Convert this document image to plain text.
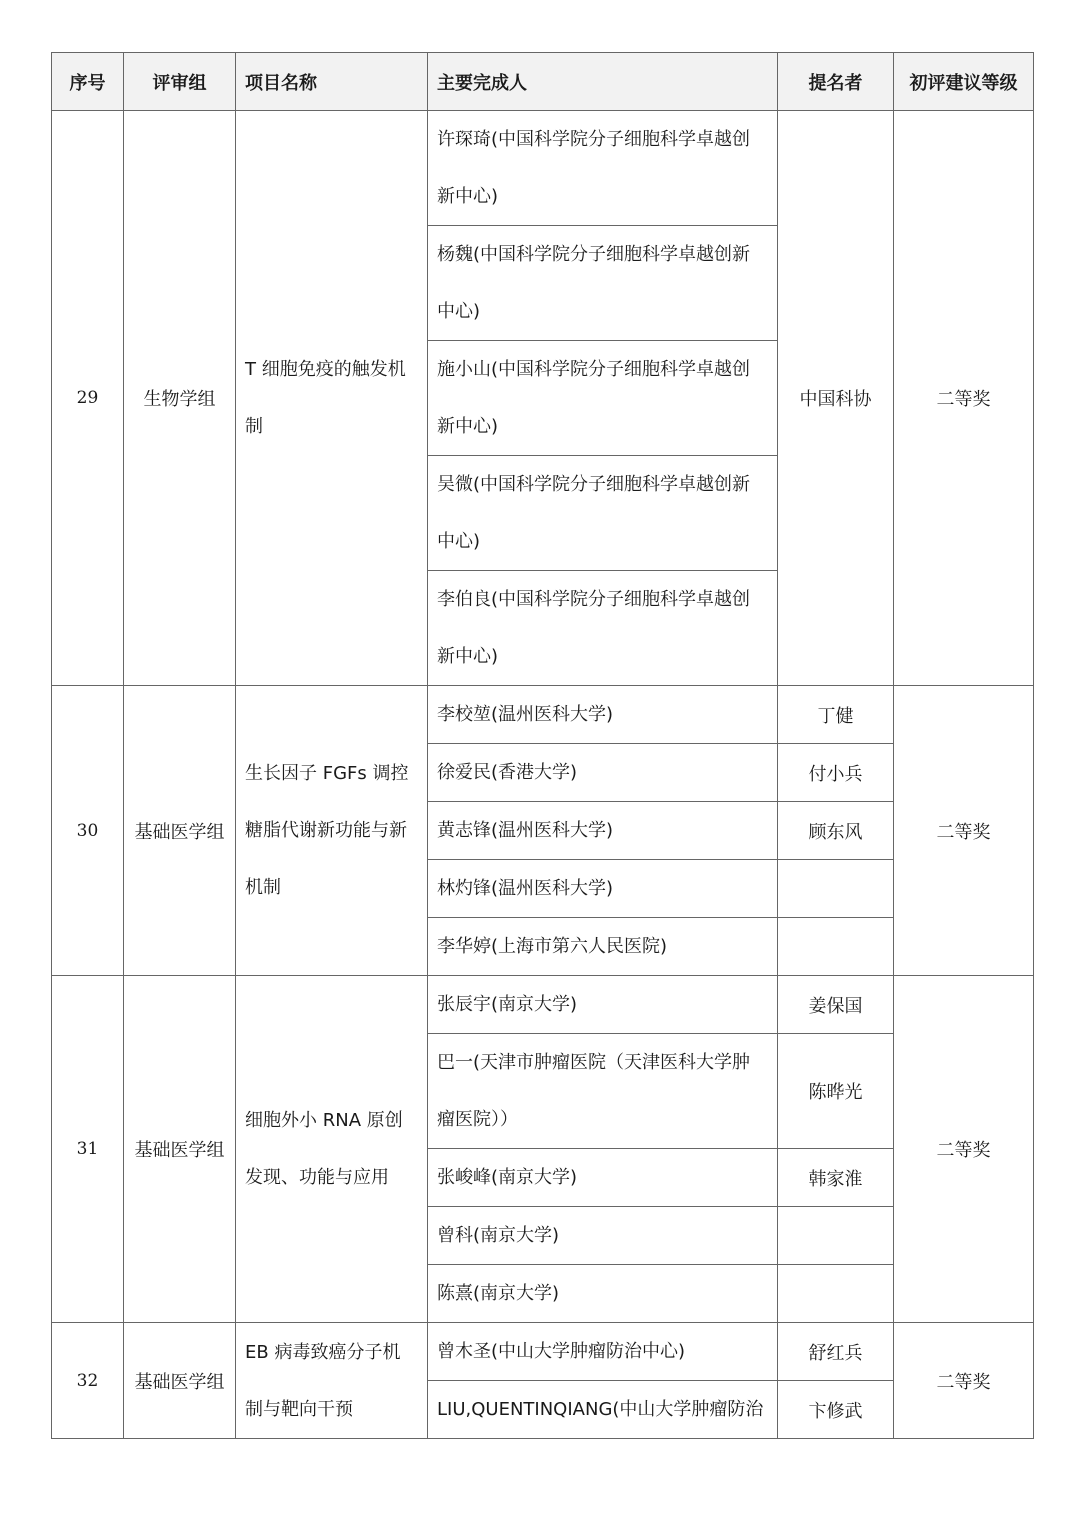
序号	评审组	项目名称	主要完成人	提名者	初评建议等级
29	生物学组	T 细胞免疫的触发机制	许琛琦(中国科学院分子细胞科学卓越创新中心)	中国科协	二等奖
			杨魏(中国科学院分子细胞科学卓越创新中心)		
			施小山(中国科学院分子细胞科学卓越创新中心)		
			吴微(中国科学院分子细胞科学卓越创新中心)		
			李伯良(中国科学院分子细胞科学卓越创新中心)		
30	基础医学组	生长因子 FGFs 调控糖脂代谢新功能与新机制	李校堃(温州医科大学)	丁健	二等奖
			徐爱民(香港大学)	付小兵	
			黄志锋(温州医科大学)	顾东风	
			林灼锋(温州医科大学)		
			李华婷(上海市第六人民医院)		
31	基础医学组	细胞外小 RNA 原创发现、功能与应用	张辰宇(南京大学)	姜保国	二等奖
			巴一(天津市肿瘤医院（天津医科大学肿瘤医院））	陈晔光	
			张峻峰(南京大学)	韩家淮	
			曾科(南京大学)		
			陈熹(南京大学)		
32	基础医学组	EB 病毒致癌分子机制与靶向干预	曾木圣(中山大学肿瘤防治中心)	舒红兵	二等奖
			LIU,QUENTINQIANG(中山大学肿瘤防治	卞修武	
